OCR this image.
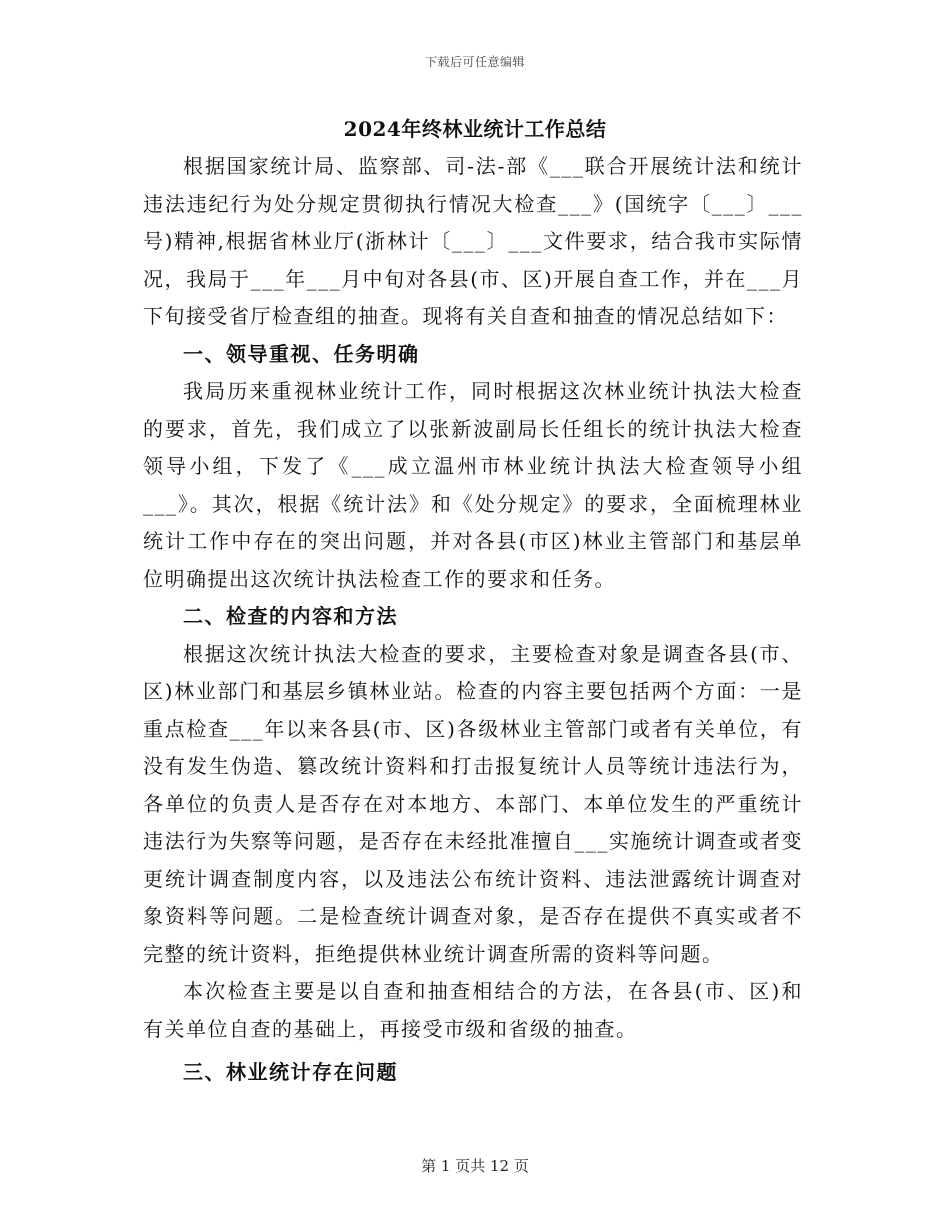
下载后可任意编辑
2024年终林业统计工作总结

根据国家统计局、监察部、司-法-部《___联合开展统计法和统计违法违纪行为处分规定贯彻执行情况大检查___》(国统字〔___〕___号)精神,根据省林业厅(浙林计〔___〕___文件要求，结合我市实际情况，我局于___年___月中旬对各县(市、区)开展自查工作，并在___月下旬接受省厅检查组的抽查。现将有关自查和抽查的情况总结如下：

一、领导重视、任务明确

我局历来重视林业统计工作，同时根据这次林业统计执法大检查的要求，首先，我们成立了以张新波副局长任组长的统计执法大检查领导小组，下发了《___成立温州市林业统计执法大检查领导小组___》。其次，根据《统计法》和《处分规定》的要求，全面梳理林业统计工作中存在的突出问题，并对各县(市区)林业主管部门和基层单位明确提出这次统计执法检查工作的要求和任务。

二、检查的内容和方法

根据这次统计执法大检查的要求，主要检查对象是调查各县(市、区)林业部门和基层乡镇林业站。检查的内容主要包括两个方面：一是重点检查___年以来各县(市、区)各级林业主管部门或者有关单位，有没有发生伪造、篡改统计资料和打击报复统计人员等统计违法行为，各单位的负责人是否存在对本地方、本部门、本单位发生的严重统计违法行为失察等问题，是否存在未经批准擅自___实施统计调查或者变更统计调查制度内容，以及违法公布统计资料、违法泄露统计调查对象资料等问题。二是检查统计调查对象，是否存在提供不真实或者不完整的统计资料，拒绝提供林业统计调查所需的资料等问题。

本次检查主要是以自查和抽查相结合的方法，在各县(市、区)和有关单位自查的基础上，再接受市级和省级的抽查。

三、林业统计存在问题
第 1 页共 12 页
